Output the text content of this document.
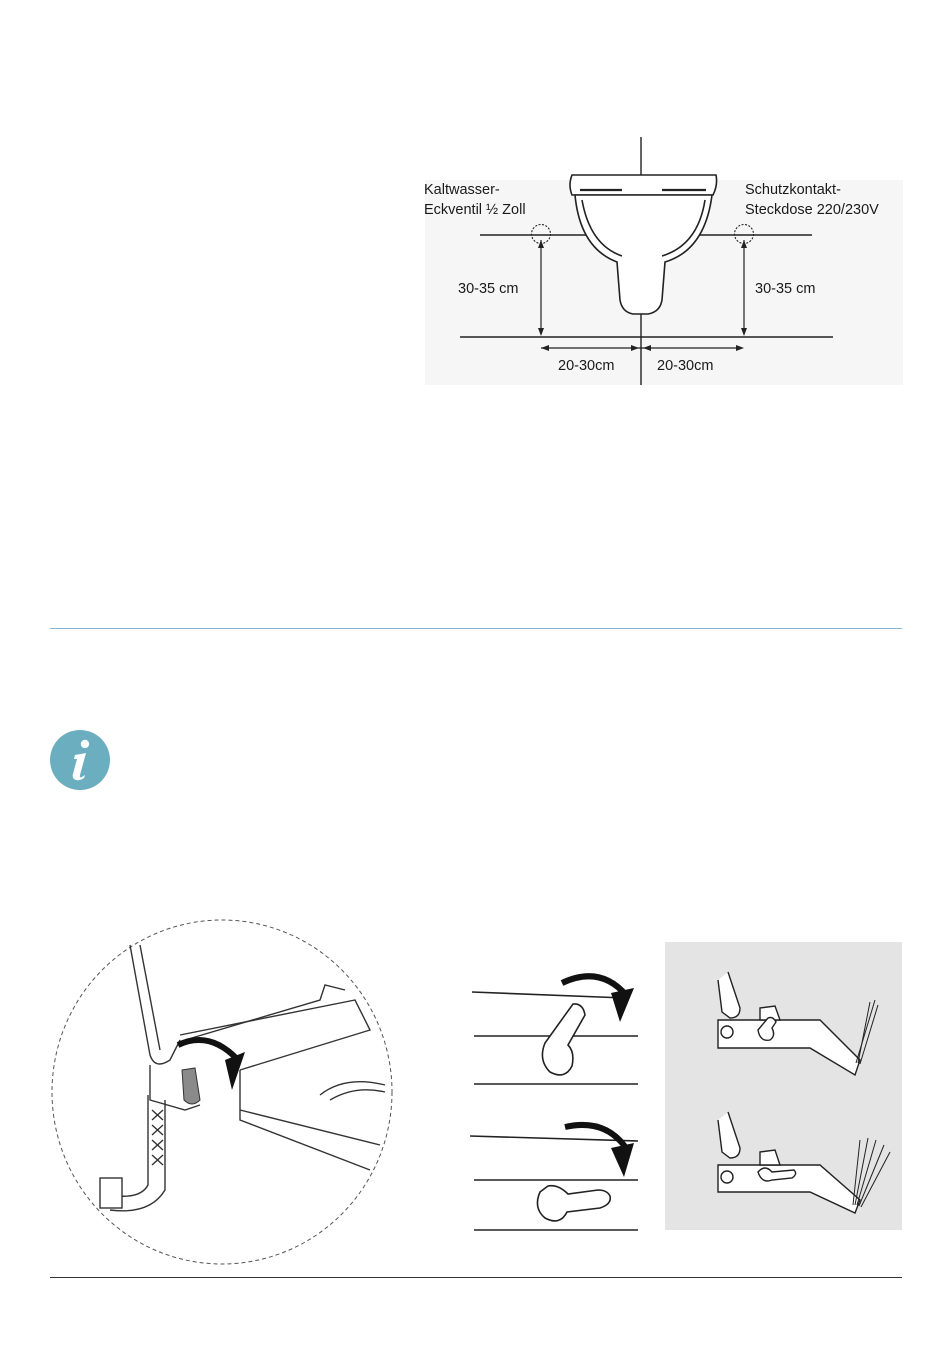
Kaltwasser-
Eckventil ½ Zoll
Schutzkontakt-
Steckdose 220/230V
30-35 cm	30-35 cm
20-30cm	20-30cm
